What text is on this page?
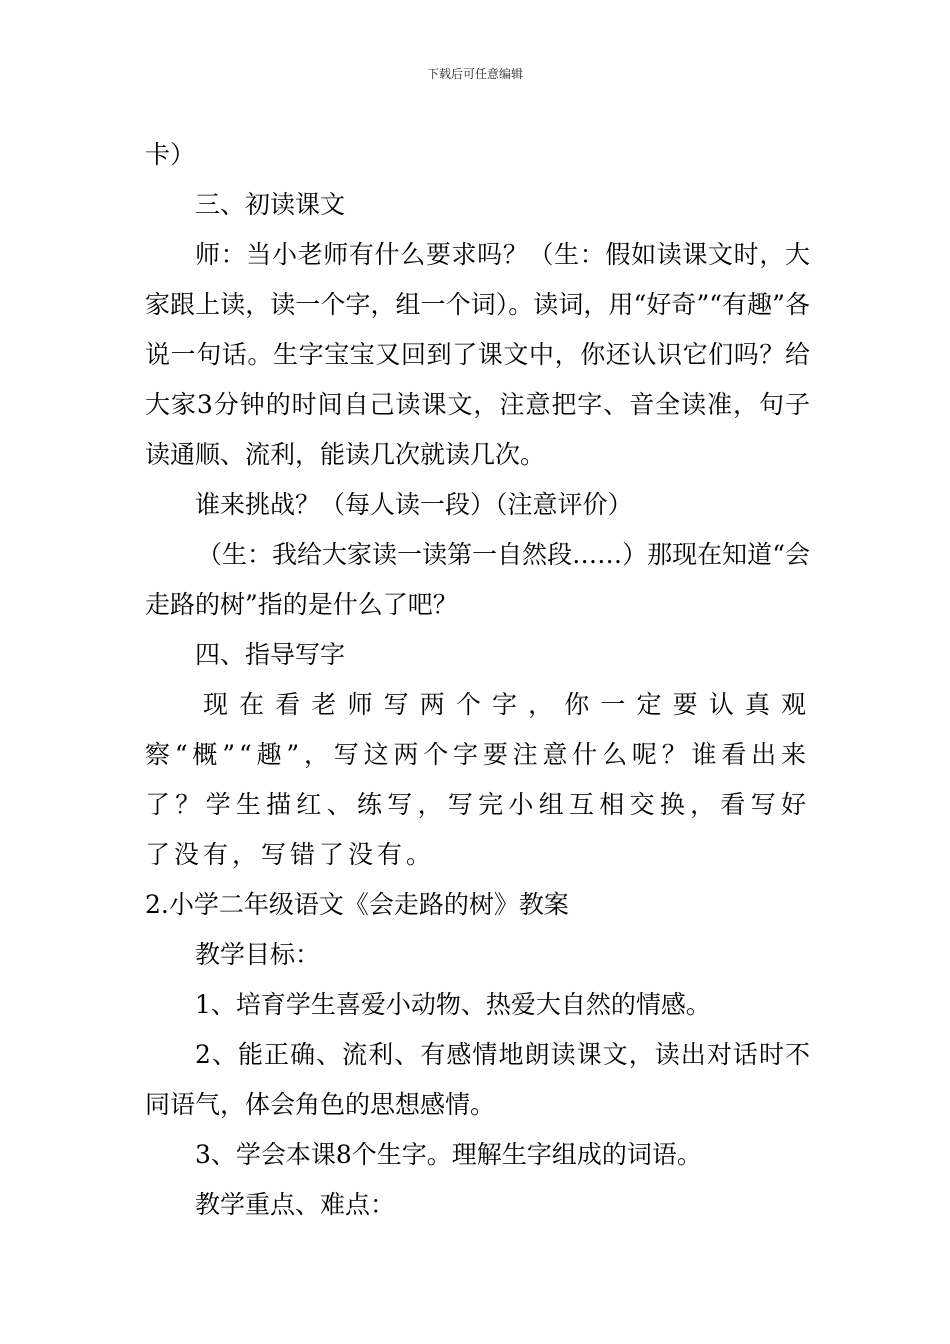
下载后可任意编辑

卡）

三、初读课文

师：当小老师有什么要求吗？（生：假如读课文时，大家跟上读，读一个字，组一个词）。读词，用“好奇”“有趣”各说一句话。生字宝宝又回到了课文中，你还认识它们吗？给大家3分钟的时间自己读课文，注意把字、音全读准，句子读通顺、流利，能读几次就读几次。

谁来挑战？（每人读一段）（注意评价）

（生：我给大家读一读第一自然段……）那现在知道“会走路的树”指的是什么了吧？

四、指导写字

现在看老师写两个字，你一定要认真观察“概”“趣”，写这两个字要注意什么呢？谁看出来了？学生描红、练写，写完小组互相交换，看写好了没有，写错了没有。

2.小学二年级语文《会走路的树》教案

教学目标：

1、培育学生喜爱小动物、热爱大自然的情感。

2、能正确、流利、有感情地朗读课文，读出对话时不同语气，体会角色的思想感情。

3、学会本课8个生字。理解生字组成的词语。

教学重点、难点：
